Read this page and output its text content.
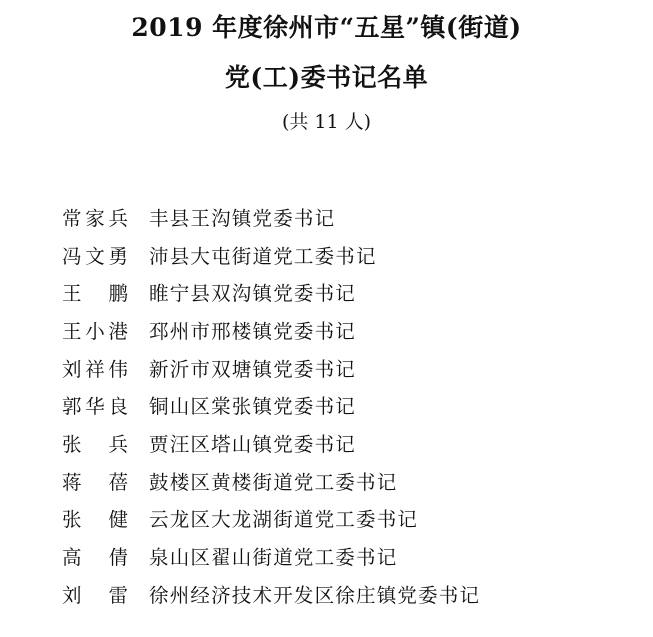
2019 年度徐州市“五星”镇(街道)
党(工)委书记名单
(共 11 人)
常家兵 丰县王沟镇党委书记
冯文勇 沛县大屯街道党工委书记
王鹏 睢宁县双沟镇党委书记
王小港 邳州市邢楼镇党委书记
刘祥伟 新沂市双塘镇党委书记
郭华良 铜山区棠张镇党委书记
张兵 贾汪区塔山镇党委书记
蒋蓓 鼓楼区黄楼街道党工委书记
张健 云龙区大龙湖街道党工委书记
高倩 泉山区翟山街道党工委书记
刘雷 徐州经济技术开发区徐庄镇党委书记
